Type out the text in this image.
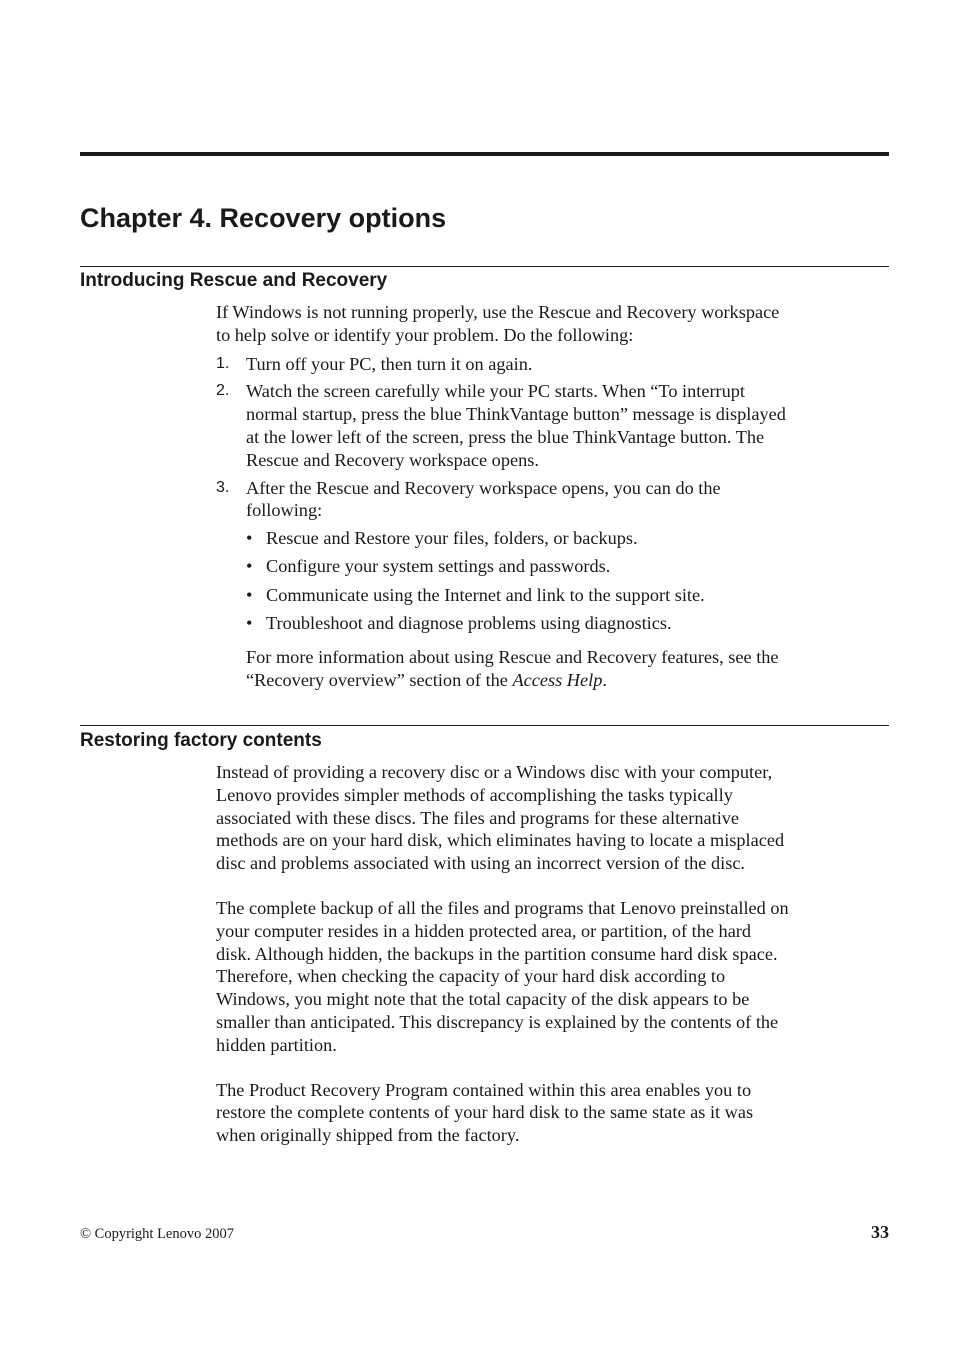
Chapter 4. Recovery options
Introducing Rescue and Recovery

If Windows is not running properly, use the Rescue and Recovery workspace
to help solve or identify your problem. Do the following:

1. Turn off your PC, then turn it on again.
2. Watch the screen carefully while your PC starts. When “To interrupt
normal startup, press the blue ThinkVantage button” message is displayed
at the lower left of the screen, press the blue ThinkVantage button. The
Rescue and Recovery workspace opens.
3. After the Rescue and Recovery workspace opens, you can do the
following:
• Rescue and Restore your files, folders, or backups.
• Configure your system settings and passwords.
• Communicate using the Internet and link to the support site.
• Troubleshoot and diagnose problems using diagnostics.

For more information about using Rescue and Recovery features, see the
“Recovery overview” section of the Access Help.

Restoring factory contents

Instead of providing a recovery disc or a Windows disc with your computer,
Lenovo provides simpler methods of accomplishing the tasks typically
associated with these discs. The files and programs for these alternative
methods are on your hard disk, which eliminates having to locate a misplaced
disc and problems associated with using an incorrect version of the disc.

The complete backup of all the files and programs that Lenovo preinstalled on
your computer resides in a hidden protected area, or partition, of the hard
disk. Although hidden, the backups in the partition consume hard disk space.
Therefore, when checking the capacity of your hard disk according to
Windows, you might note that the total capacity of the disk appears to be
smaller than anticipated. This discrepancy is explained by the contents of the
hidden partition.

The Product Recovery Program contained within this area enables you to
restore the complete contents of your hard disk to the same state as it was
when originally shipped from the factory.

© Copyright Lenovo 2007	33
